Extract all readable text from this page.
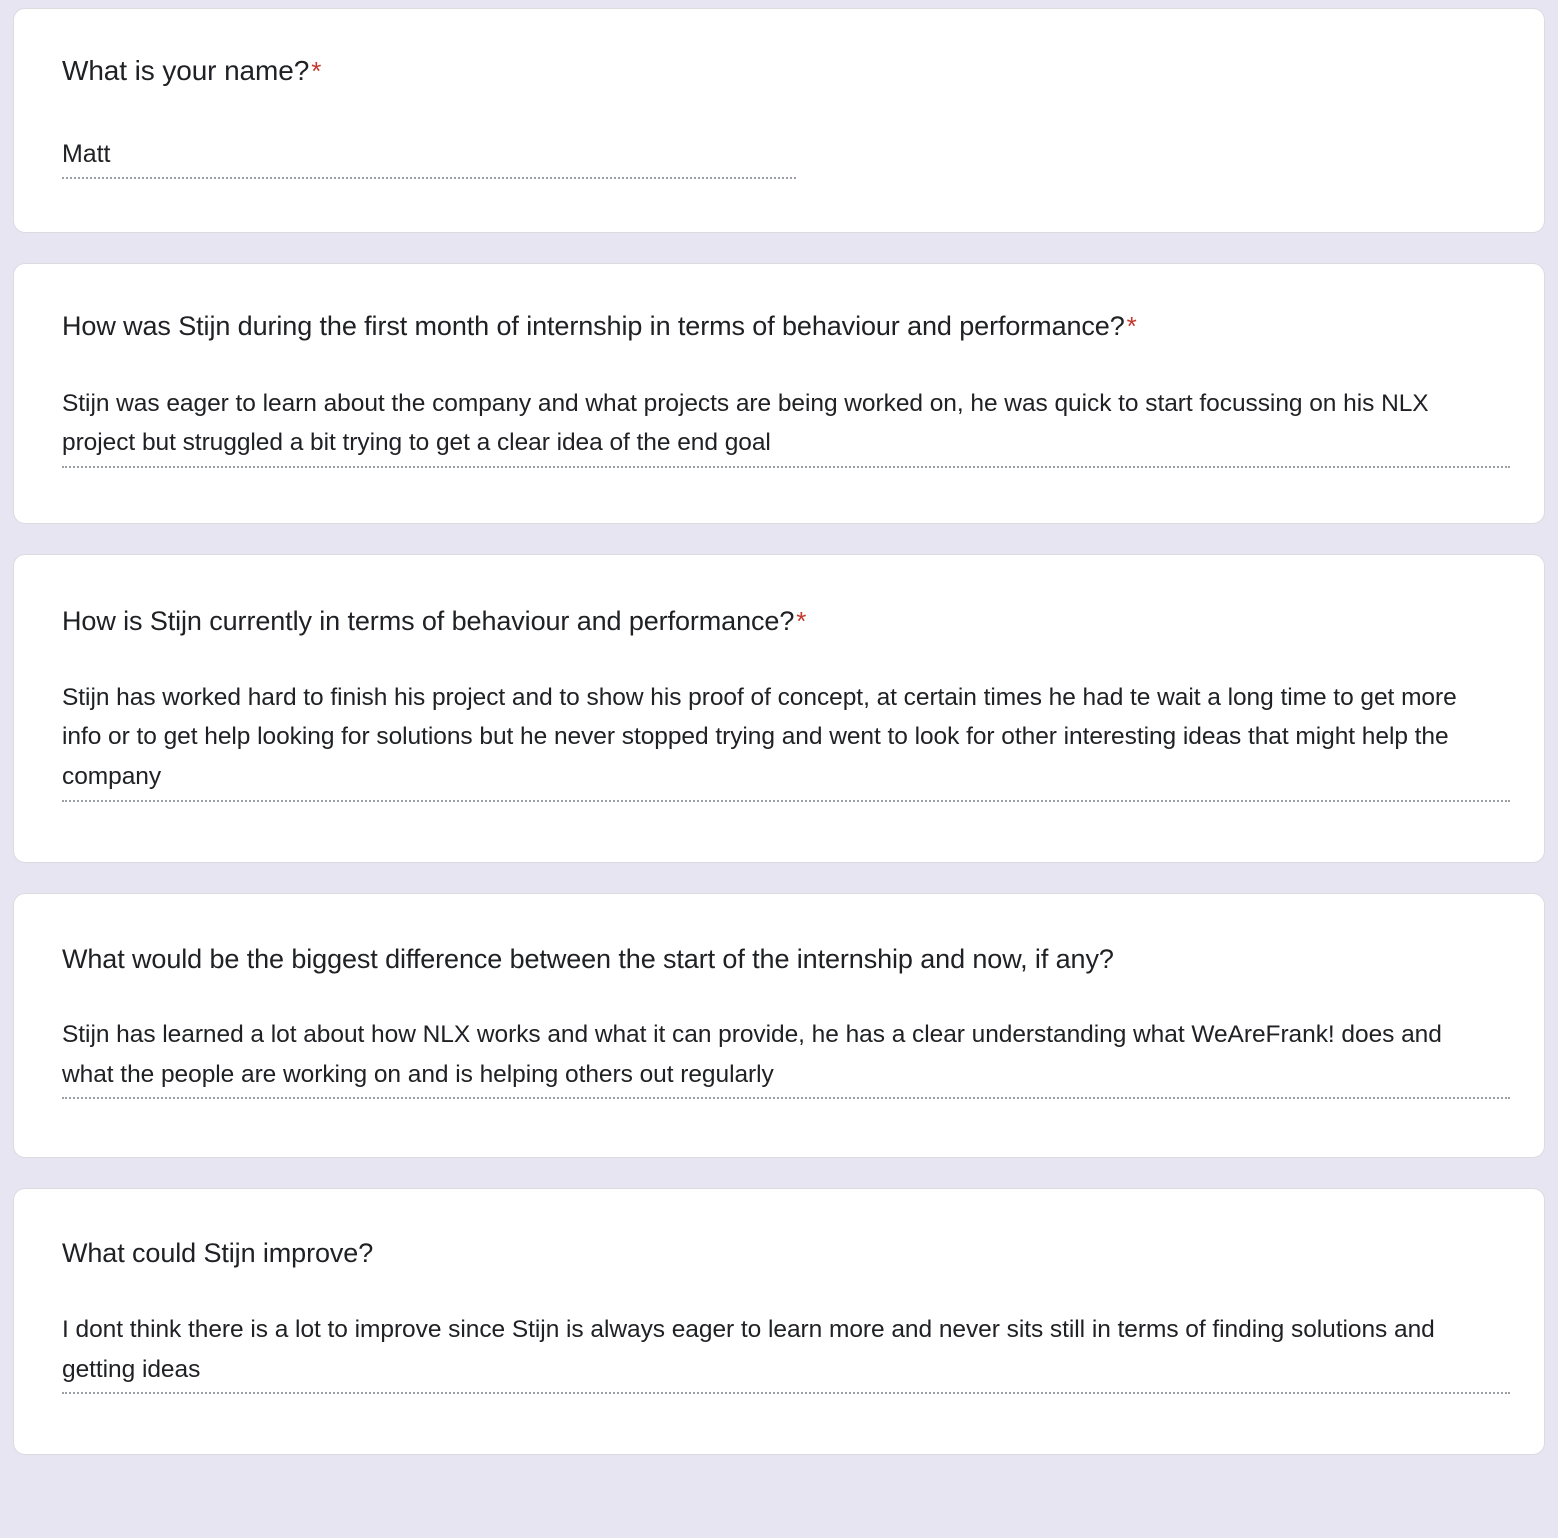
What is your name?*
Matt
How was Stijn during the first month of internship in terms of behaviour and performance?*
Stijn was eager to learn about the company and what projects are being worked on, he was quick to start focussing on his NLX project but struggled a bit trying to get a clear idea of the end goal
How is Stijn currently in terms of behaviour and performance?*
Stijn has worked hard to finish his project and to show his proof of concept, at certain times he had te wait a long time to get more info or to get help looking for solutions but he never stopped trying and went to look for other interesting ideas that might help the company
What would be the biggest difference between the start of the internship and now, if any?
Stijn has learned a lot about how NLX works and what it can provide, he has a clear understanding what WeAreFrank! does and what the people are working on and is helping others out regularly
What could Stijn improve?
I dont think there is a lot to improve since Stijn is always eager to learn more and never sits still in terms of finding solutions and getting ideas
